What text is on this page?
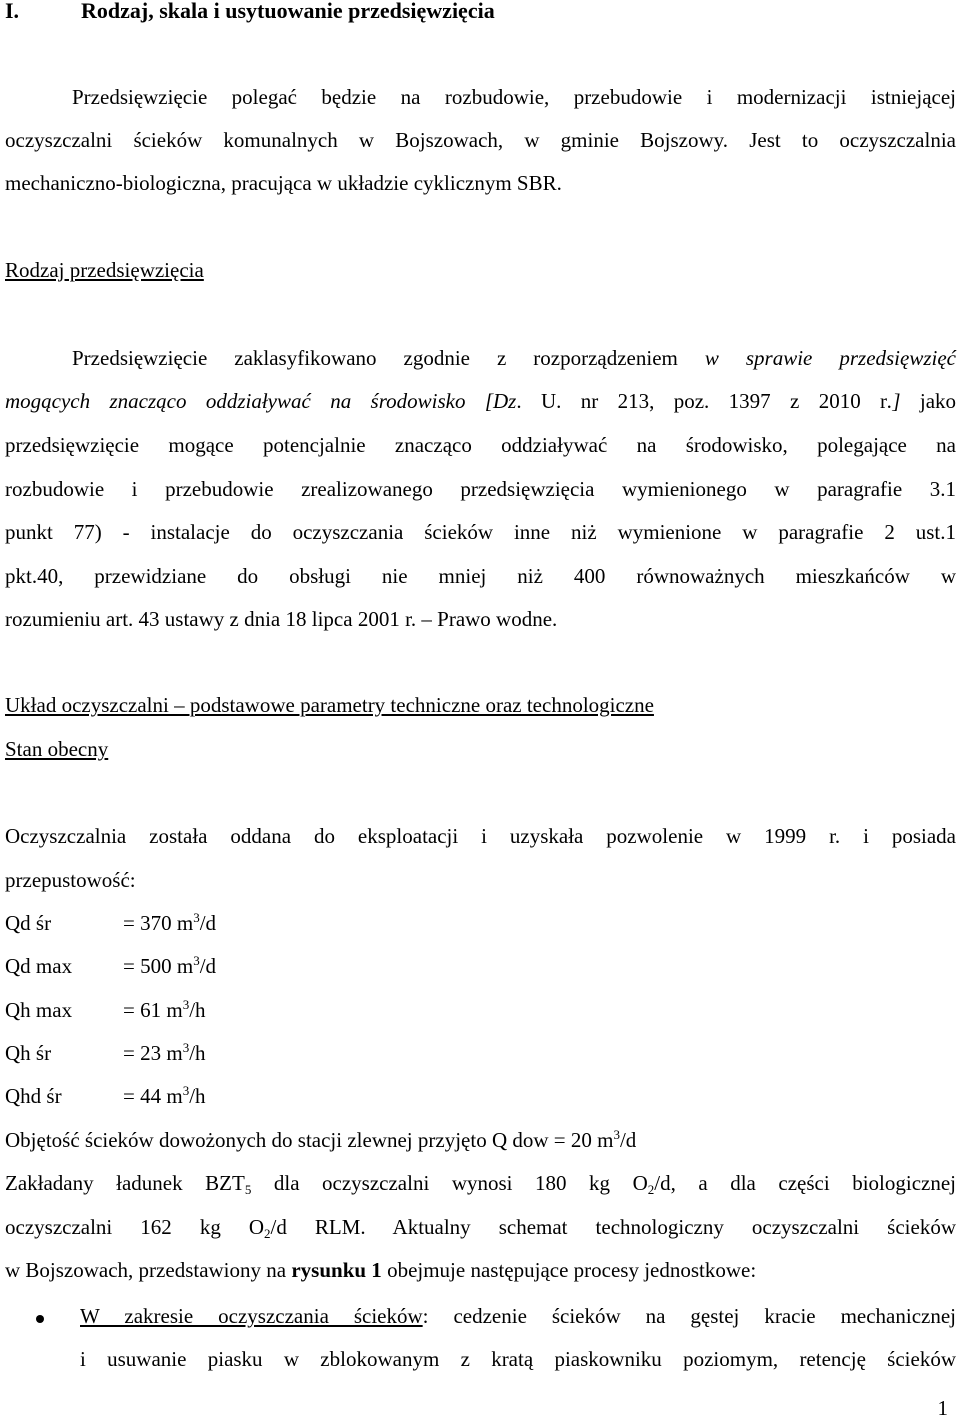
I.	Rodzaj, skala i usytuowanie przedsięwzięcia
Przedsięwzięcie polegać będzie na rozbudowie, przebudowie i modernizacji istniejącej
oczyszczalni ścieków komunalnych w Bojszowach, w gminie Bojszowy. Jest to oczyszczalnia
mechaniczno-biologiczna, pracująca w układzie cyklicznym SBR.
Rodzaj przedsięwzięcia
Przedsięwzięcie zaklasyfikowano zgodnie z rozporządzeniem w sprawie przedsięwzięć
mogących znacząco oddziaływać na środowisko [Dz. U. nr 213, poz. 1397 z 2010 r.] jako
przedsięwzięcie mogące potencjalnie znacząco oddziaływać na środowisko, polegające na
rozbudowie i przebudowie zrealizowanego przedsięwzięcia wymienionego w paragrafie 3.1
punkt 77) - instalacje do oczyszczania ścieków inne niż wymienione w paragrafie 2 ust.1
pkt.40, przewidziane do obsługi nie mniej niż 400 równoważnych mieszkańców w
rozumieniu art. 43 ustawy z dnia 18 lipca 2001 r. – Prawo wodne.
Układ oczyszczalni – podstawowe parametry techniczne oraz technologiczne
Stan obecny
Oczyszczalnia została oddana do eksploatacji i uzyskała pozwolenie w 1999 r. i posiada
przepustowość:
Qd śr	= 370 $m^3/d$
Qd max = 500 $m^3/d$
Qh max = 61 $m^3/h$
Qh śr	= 23 $m^3/h$
Qhd śr	= 44 $m^3/h$
Objętość ścieków dowożonych do stacji zlewnej przyjęto Q dow = 20 $m^3/d$
Zakładany ładunek $BZT_5$ dla oczyszczalni wynosi 180 kg $O_2/d$, a dla części biologicznej
oczyszczalni 162 kg $O_2/d$ RLM. Aktualny schemat technologiczny oczyszczalni ścieków
w Bojszowach, przedstawiony na rysunku 1 obejmuje następujące procesy jednostkowe:
W zakresie oczyszczania ścieków: cedzenie ścieków na gęstej kracie mechanicznej
i usuwanie piasku w zblokowanym z kratą piaskowniku poziomym, retencję ścieków
1
